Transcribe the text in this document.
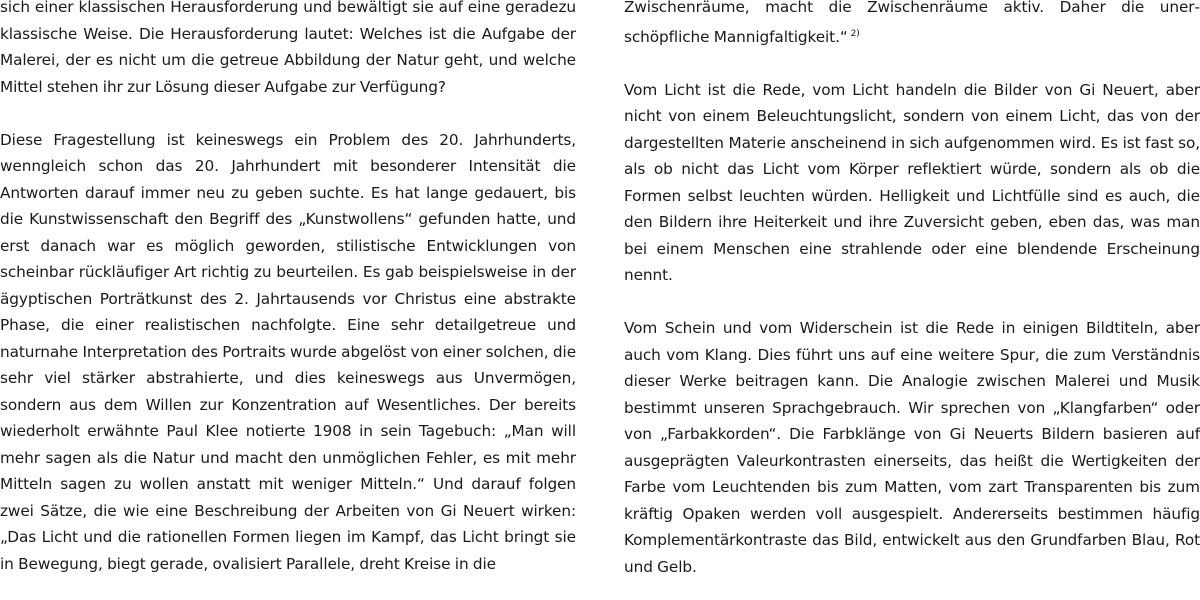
sich einer klassischen Herausforderung und bewältigt sie auf eine geradezu klassische Weise. Die Herausforderung lautet: Welches ist die Aufgabe der Malerei, der es nicht um die getreue Abbildung der Natur geht, und welche Mittel stehen ihr zur Lösung dieser Aufgabe zur Verfügung?

Diese Fragestellung ist keineswegs ein Problem des 20. Jahrhunderts, wenngleich schon das 20. Jahrhundert mit besonderer Intensität die Antworten darauf immer neu zu geben suchte. Es hat lange gedauert, bis die Kunstwissenschaft den Begriff des „Kunstwollens“ gefunden hatte, und erst danach war es möglich geworden, stilistische Entwicklungen von scheinbar rückläufiger Art richtig zu beurteilen. Es gab beispielsweise in der ägyptischen Porträtkunst des 2. Jahrtausends vor Christus eine abstrakte Phase, die einer realistischen nachfolgte. Eine sehr detailgetreue und naturnahe Interpretation des Portraits wurde abgelöst von einer solchen, die sehr viel stärker abstrahierte, und dies keineswegs aus Unvermögen, sondern aus dem Willen zur Konzentration auf Wesentliches. Der bereits wiederholt erwähnte Paul Klee notierte 1908 in sein Tagebuch: „Man will mehr sagen als die Natur und macht den unmöglichen Fehler, es mit mehr Mitteln sagen zu wollen anstatt mit weniger Mitteln.“ Und darauf folgen zwei Sätze, die wie eine Beschreibung der Arbeiten von Gi Neuert wirken: „Das Licht und die rationellen Formen liegen im Kampf, das Licht bringt sie in Bewegung, biegt gerade, ovalisiert Parallele, dreht Kreise in die

Zwischenräume, macht die Zwischenräume aktiv. Daher die unerschöpfliche Mannigfaltigkeit.“ $^{2)}$

Vom Licht ist die Rede, vom Licht handeln die Bilder von Gi Neuert, aber nicht von einem Beleuchtungslicht, sondern von einem Licht, das von der dargestellten Materie anscheinend in sich aufgenommen wird. Es ist fast so, als ob nicht das Licht vom Körper reflektiert würde, sondern als ob die Formen selbst leuchten würden. Helligkeit und Lichtfülle sind es auch, die den Bildern ihre Heiterkeit und ihre Zuversicht geben, eben das, was man bei einem Menschen eine strahlende oder eine blendende Erscheinung nennt.

Vom Schein und vom Widerschein ist die Rede in einigen Bildtiteln, aber auch vom Klang. Dies führt uns auf eine weitere Spur, die zum Verständnis dieser Werke beitragen kann. Die Analogie zwischen Malerei und Musik bestimmt unseren Sprachgebrauch. Wir sprechen von „Klangfarben“ oder von „Farbakkorden“. Die Farbklänge von Gi Neuerts Bildern basieren auf ausgeprägten Valeurkontrasten einerseits, das heißt die Wertigkeiten der Farbe vom Leuchtenden bis zum Matten, vom zart Transparenten bis zum kräftig Opaken werden voll ausgespielt. Andererseits bestimmen häufig Komplementärkontraste das Bild, entwickelt aus den Grundfarben Blau, Rot und Gelb.
